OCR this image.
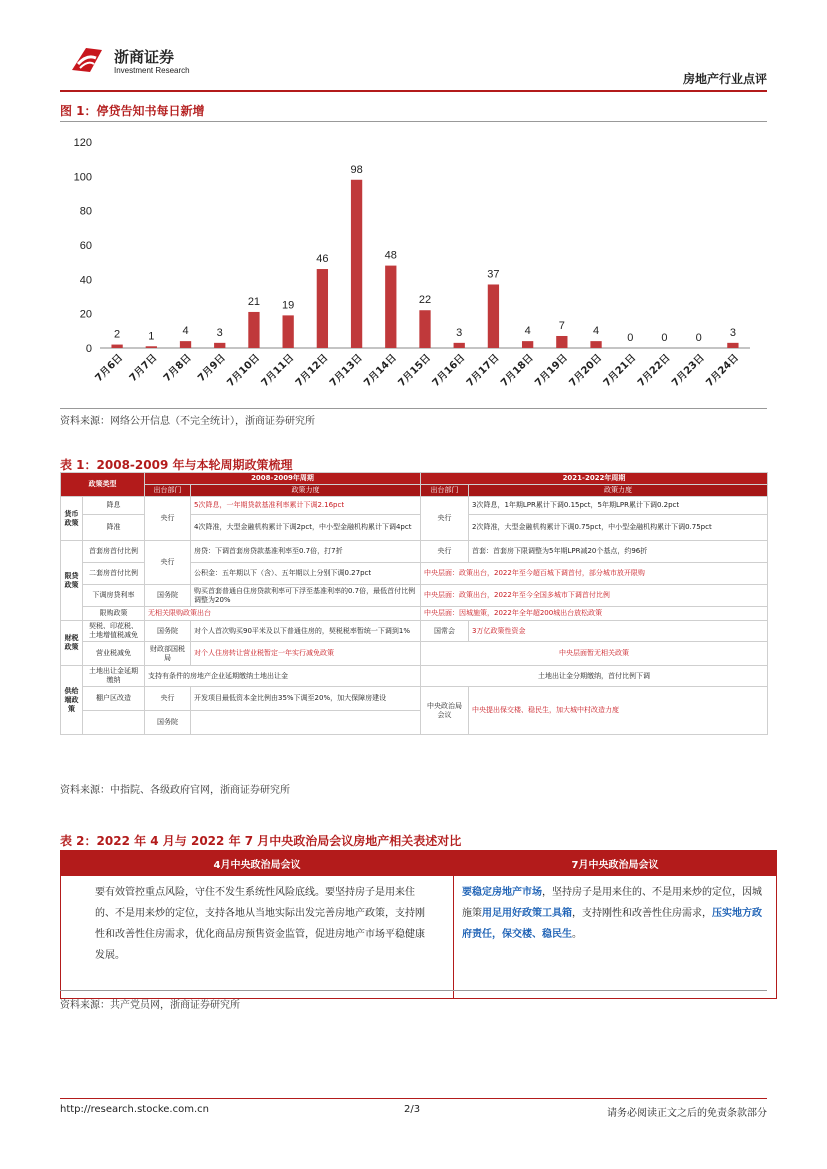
浙商证券
Investment Research
房地产行业点评
图 1：停贷告知书每日新增
0
20
40
60
80
100
120
2
7月6日
1
7月7日
4
7月8日
3
7月9日
21
7月10日
19
7月11日
46
7月12日
98
7月13日
48
7月14日
22
7月15日
3
7月16日
37
7月17日
4
7月18日
7
7月19日
4
7月20日
0
7月21日
0
7月22日
0
7月23日
3
7月24日
资料来源：网络公开信息（不完全统计），浙商证券研究所
表 1：2008-2009 年与本轮周期政策梳理
政策类型		2008-2009年周期		2021-2022年周期	
		出台部门	政策力度	出台部门	政策力度
货币政策	降息	央行	5次降息，一年期贷款基准利率累计下调2.16pct	央行	3次降息，1年期LPR累计下调0.15pct，5年期LPR累计下调0.2pct
	降准		4次降准，大型金融机构累计下调2pct，中小型金融机构累计下调4pct		2次降准，大型金融机构累计下调0.75pct，中小型金融机构累计下调0.75pct
限贷政策	首套房首付比例	央行	房贷：下调首套房贷款基准利率至0.7倍，打7折	央行	首套：首套房下限调整为5年期LPR减20个基点，约96折
	二套房首付比例		公积金：五年期以下（含）、五年期以上分别下调0.27pct	中央层面：政策出台，2022年至今超百城下调首付，部分城市放开限购	
	下调房贷利率	国务院	购买首套普通自住房贷款利率可下浮至基准利率的0.7倍，最低首付比例调整为20%	中央层面：政策出台，2022年至今全国多城市下调首付比例	
	限购政策	无相关限购政策出台		中央层面：因城施策，2022年全年超200城出台放松政策	
财税政策	契税、印花税、土地增值税减免	国务院	对个人首次购买90平米及以下普通住房的，契税税率暂统一下调到1%	国常会	3万亿政策性资金
	营业税减免	财政部国税局	对个人住房转让营业税暂定一年实行减免政策	中央层面暂无相关政策	
供给端政策	土地出让金延期缴纳	支持有条件的房地产企业延期缴纳土地出让金		土地出让金分期缴纳，首付比例下调	
	棚户区改造	央行	开发项目最低资本金比例由35%下调至20%，加大保障房建设	中央政治局会议	中央提出保交楼、稳民生，加大城中村改造力度
		国务院			
资料来源：中指院、各级政府官网，浙商证券研究所
表 2：2022 年 4 月与 2022 年 7 月中央政治局会议房地产相关表述对比
4月中央政治局会议	7月中央政治局会议
要有效管控重点风险，守住不发生系统性风险底线。要坚持房子是用来住的、不是用来炒的定位，支持各地从当地实际出发完善房地产政策，支持刚性和改善性住房需求，优化商品房预售资金监管，促进房地产市场平稳健康发展。	要稳定房地产市场，坚持房子是用来住的、不是用来炒的定位，因城施策用足用好政策工具箱，支持刚性和改善性住房需求，压实地方政府责任，保交楼、稳民生。
资料来源：共产党员网，浙商证券研究所
http://research.stocke.com.cn	2/3	请务必阅读正文之后的免责条款部分
